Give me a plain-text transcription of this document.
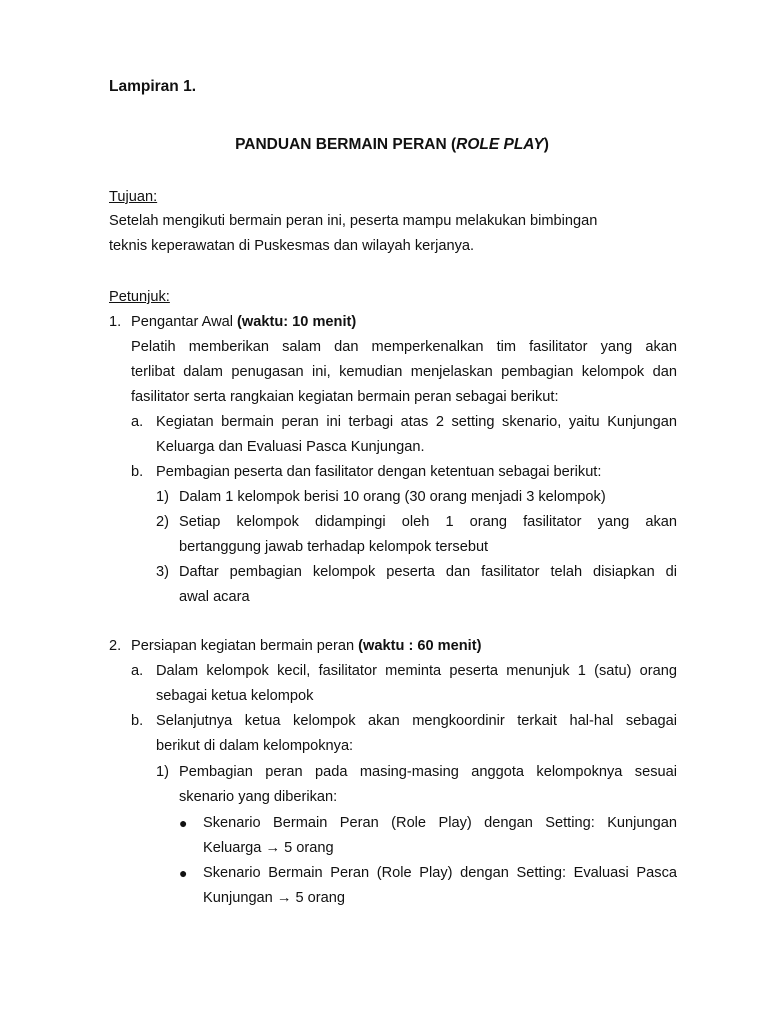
Lampiran 1.
PANDUAN BERMAIN PERAN (ROLE PLAY)
Tujuan:
Setelah mengikuti bermain peran ini, peserta mampu melakukan bimbingan
teknis keperawatan di Puskesmas dan wilayah kerjanya.
Petunjuk:
1. Pengantar Awal (waktu: 10 menit)
Pelatih memberikan salam dan memperkenalkan tim fasilitator yang akan
terlibat dalam penugasan ini, kemudian menjelaskan pembagian kelompok dan
fasilitator serta rangkaian kegiatan bermain peran sebagai berikut:
a. Kegiatan bermain peran ini terbagi atas 2 setting skenario, yaitu Kunjungan
Keluarga dan Evaluasi Pasca Kunjungan.
b. Pembagian peserta dan fasilitator dengan ketentuan sebagai berikut:
1) Dalam 1 kelompok berisi 10 orang (30 orang menjadi 3 kelompok)
2) Setiap kelompok didampingi oleh 1 orang fasilitator yang akan
bertanggung jawab terhadap kelompok tersebut
3) Daftar pembagian kelompok peserta dan fasilitator telah disiapkan di
awal acara
2. Persiapan kegiatan bermain peran (waktu : 60 menit)
a. Dalam kelompok kecil, fasilitator meminta peserta menunjuk 1 (satu) orang
sebagai ketua kelompok
b. Selanjutnya ketua kelompok akan mengkoordinir terkait hal-hal sebagai
berikut di dalam kelompoknya:
1) Pembagian peran pada masing-masing anggota kelompoknya sesuai
skenario yang diberikan:
● Skenario Bermain Peran (Role Play) dengan Setting: Kunjungan
Keluarga → 5 orang
● Skenario Bermain Peran (Role Play) dengan Setting: Evaluasi Pasca
Kunjungan → 5 orang
